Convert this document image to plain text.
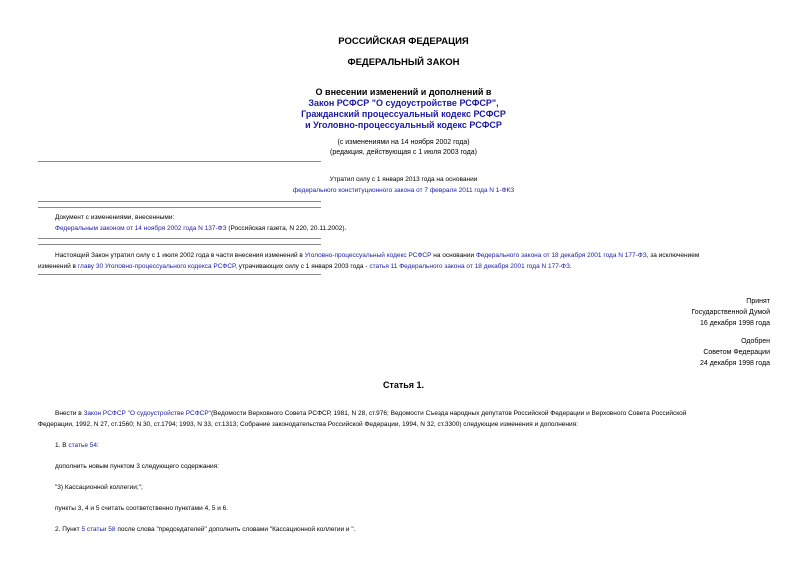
РОССИЙСКАЯ ФЕДЕРАЦИЯ
ФЕДЕРАЛЬНЫЙ ЗАКОН
О внесении изменений и дополнений в
Закон РСФСР "О судоустройстве РСФСР",
Гражданский процессуальный кодекс РСФСР
и Уголовно-процессуальный кодекс РСФСР
(с изменениями на 14 ноября 2002 года)
(редакция, действующая с 1 июля 2003 года)
Утратил силу с 1 января 2013 года на основании
федерального конституционного закона от 7 февраля 2011 года N 1-ФКЗ
Документ с изменениями, внесенными:
Федеральным законом от 14 ноября 2002 года N 137-ФЗ (Российская газета, N 220, 20.11.2002).
Настоящий Закон утратил силу с 1 июля 2002 года в части внесения изменений в Уголовно-процессуальный кодекс РСФСР на основании Федерального закона от 18 декабря 2001 года N 177-ФЗ, за исключением
изменений в главу 30 Уголовно-процессуального кодекса РСФСР, утрачивающих силу с 1 января 2003 года - статья 11 Федерального закона от 18 декабря 2001 года N 177-ФЗ.
Принят
Государственной Думой
16 декабря 1998 года
Одобрен
Советом Федерации
24 декабря 1998 года
Статья 1.
Внести в Закон РСФСР "О судоустройстве РСФСР"(Ведомости Верховного Совета РСФСР, 1981, N 28, ст.976; Ведомости Съезда народных депутатов Российской Федерации и Верховного Совета Российской
Федерации, 1992, N 27, ст.1560; N 30, ст.1794; 1993, N 33, ст.1313; Собрание законодательства Российской Федерации, 1994, N 32, ст.3300) следующие изменения и дополнения:
1. В статье 54:
дополнить новым пунктом 3 следующего содержания:
"3) Кассационной коллегии;";
пункты 3, 4 и 5 считать соответственно пунктами 4, 5 и 6.
2. Пункт 5 статьи 58 после слова "председателей" дополнить словами "Кассационной коллегии и ".
